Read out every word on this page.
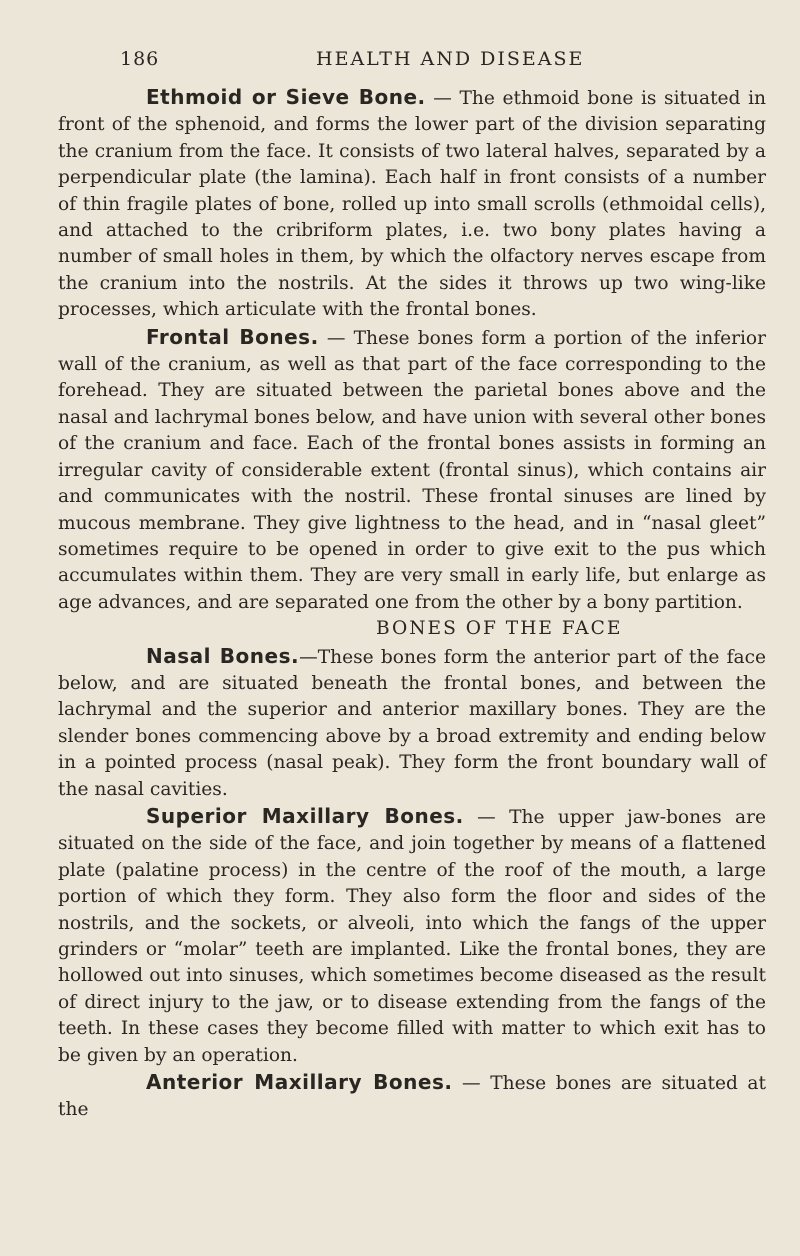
186	HEALTH AND DISEASE

Ethmoid or Sieve Bone. — The ethmoid bone is situated in front of the sphenoid, and forms the lower part of the division separating the cranium from the face. It consists of two lateral halves, separated by a perpendicular plate (the lamina). Each half in front consists of a number of thin fragile plates of bone, rolled up into small scrolls (ethmoidal cells), and attached to the cribriform plates, i.e. two bony plates having a number of small holes in them, by which the olfactory nerves escape from the cranium into the nostrils. At the sides it throws up two wing-like processes, which articulate with the frontal bones.

Frontal Bones. — These bones form a portion of the inferior wall of the cranium, as well as that part of the face corresponding to the forehead. They are situated between the parietal bones above and the nasal and lachrymal bones below, and have union with several other bones of the cranium and face. Each of the frontal bones assists in forming an irregular cavity of considerable extent (frontal sinus), which contains air and communicates with the nostril. These frontal sinuses are lined by mucous membrane. They give lightness to the head, and in “nasal gleet” sometimes require to be opened in order to give exit to the pus which accumulates within them. They are very small in early life, but enlarge as age advances, and are separated one from the other by a bony partition.

BONES OF THE FACE

Nasal Bones.—These bones form the anterior part of the face below, and are situated beneath the frontal bones, and between the lachrymal and the superior and anterior maxillary bones. They are the slender bones commencing above by a broad extremity and ending below in a pointed process (nasal peak). They form the front boundary wall of the nasal cavities.

Superior Maxillary Bones. — The upper jaw-bones are situated on the side of the face, and join together by means of a flattened plate (palatine process) in the centre of the roof of the mouth, a large portion of which they form. They also form the floor and sides of the nostrils, and the sockets, or alveoli, into which the fangs of the upper grinders or “molar” teeth are implanted. Like the frontal bones, they are hollowed out into sinuses, which sometimes become diseased as the result of direct injury to the jaw, or to disease extending from the fangs of the teeth. In these cases they become filled with matter to which exit has to be given by an operation.

Anterior Maxillary Bones. — These bones are situated at the
